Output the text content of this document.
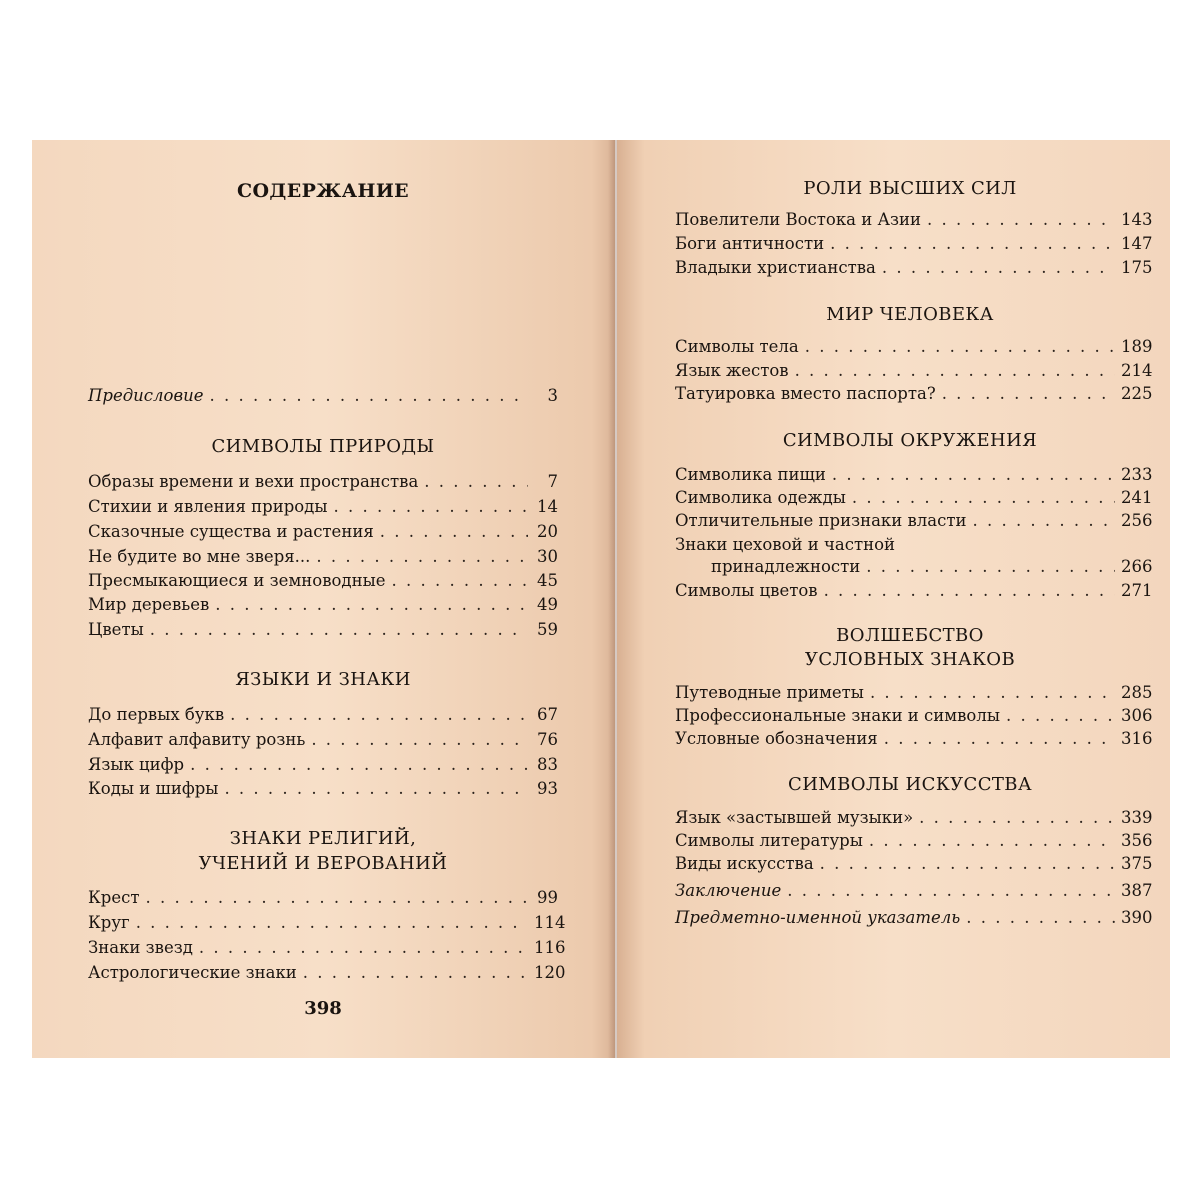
СОДЕРЖАНИЕ
Предисловие . . .	3
СИМВОЛЫ ПРИРОДЫ
Образы времени и вехи пространства . . .	7
Стихии и явления природы . . .	14
Сказочные существа и растения . . .	20
Не будите во мне зверя... . . .	30
Пресмыкающиеся и земноводные . . .	45
Мир деревьев . . .	49
Цветы . . .	59
ЯЗЫКИ И ЗНАКИ
До первых букв . . .	67
Алфавит алфавиту рознь . . .	76
Язык цифр . . .	83
Коды и шифры . . .	93
ЗНАКИ РЕЛИГИЙ,
УЧЕНИЙ И ВЕРОВАНИЙ
Крест . . .	99
Круг . . .	114
Знаки звезд . . .	116
Астрологические знаки . . .	120
398
РОЛИ ВЫСШИХ СИЛ
Повелители Востока и Азии . . .	143
Боги античности . . .	147
Владыки христианства . . .	175
МИР ЧЕЛОВЕКА
Символы тела . . .	189
Язык жестов . . .	214
Татуировка вместо паспорта? . . .	225
СИМВОЛЫ ОКРУЖЕНИЯ
Символика пищи . . .	233
Символика одежды . . .	241
Отличительные признаки власти . . .	256
Знаки цеховой и частной
принадлежности . . .	266
Символы цветов . . .	271
ВОЛШЕБСТВО
УСЛОВНЫХ ЗНАКОВ
Путеводные приметы . . .	285
Профессиональные знаки и символы . . .	306
Условные обозначения . . .	316
СИМВОЛЫ ИСКУССТВА
Язык «застывшей музыки» . . .	339
Символы литературы . . .	356
Виды искусства . . .	375
Заключение . . .	387
Предметно-именной указатель . . .	390
